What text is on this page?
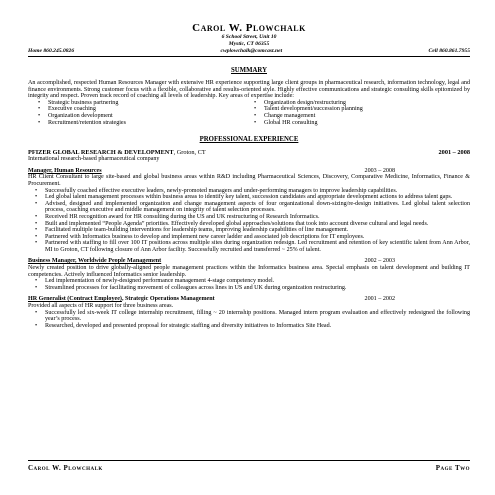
Carol W. Plowchalk
6 School Street, Unit 10
Mystic, CT 06355
Home 860.245.0826	cwplowchalk@comcast.net	Cell 860.861.7955
SUMMARY
An accomplished, respected Human Resources Manager with extensive HR experience supporting large client groups in pharmaceutical research, information technology, legal and finance environments. Strong customer focus with a flexible, collaborative and results-oriented style. Highly effective communications and strategic consulting skills epitomized by integrity and respect. Proven track record of coaching all levels of leadership. Key areas of expertise include:
• Strategic business partnering	• Organization design/restructuring
• Executive coaching	• Talent development/succession planning
• Organization development	• Change management
• Recruitment/retention strategies	• Global HR consulting
PROFESSIONAL EXPERIENCE
PFIZER GLOBAL RESEARCH & DEVELOPMENT, Groton, CT	2001 – 2008
International research-based pharmaceutical company
Manager, Human Resources	2003 – 2008
HR Client Consultant to large site-based and global business areas within R&D including Pharmaceutical Sciences, Discovery, Comparative Medicine, Informatics, Finance & Procurement.
• Successfully coached effective executive leaders, newly-promoted managers and under-performing managers to improve leadership capabilities.
• Led global talent management processes within business areas to identify key talent, succession candidates and appropriate development actions to address talent gaps.
• Advised, designed and implemented organization and change management aspects of four organizational down-sizing/re-design initiatives. Led global talent selection process, coaching executive and middle management on integrity of talent selection processes.
• Received HR recognition award for HR consulting during the US and UK restructuring of Research Informatics.
• Built and implemented “People Agenda” priorities. Effectively developed global approaches/solutions that took into account diverse cultural and legal needs.
• Facilitated multiple team-building interventions for leadership teams, improving leadership capabilities of line management.
• Partnered with Informatics business to develop and implement new career ladder and associated job descriptions for IT employees.
• Partnered with staffing to fill over 100 IT positions across multiple sites during organization redesign. Led recruitment and retention of key scientific talent from Ann Arbor, MI to Groton, CT following closure of Ann Arbor facility. Successfully recruited and transferred ~ 25% of talent.
Business Manager, Worldwide People Management	2002 – 2003
Newly created position to drive globally-aligned people management practices within the Informatics business area. Special emphasis on talent development and building IT competencies. Actively influenced Informatics senior leadership.
• Led implementation of newly-designed performance management 4-stage competency model.
• Streamlined processes for facilitating movement of colleagues across lines in US and UK during organization restructuring.
HR Generalist (Contract Employee) , Strategic Operations Management	2001 – 2002
Provided all aspects of HR support for three business areas.
• Successfully led six-week IT college internship recruitment, filling ~ 20 internship positions. Managed intern program evaluation and effectively redesigned the following year’s process.
• Researched, developed and presented proposal for strategic staffing and diversity initiatives to Informatics Site Head.
Carol W. Plowchalk	Page Two
